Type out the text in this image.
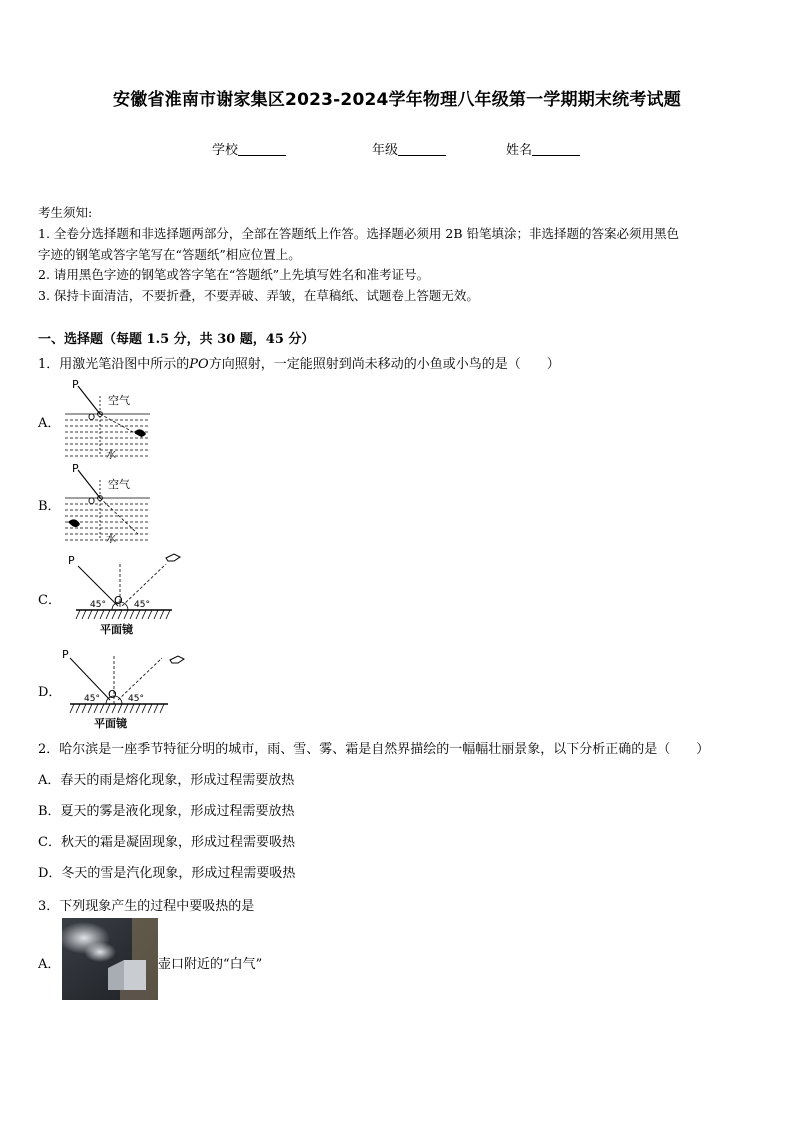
安徽省淮南市谢家集区2023-2024学年物理八年级第一学期期末统考试题
学校	年级	姓名
考生须知:
1. 全卷分选择题和非选择题两部分，全部在答题纸上作答。选择题必须用 2B 铅笔填涂；非选择题的答案必须用黑色
字迹的钢笔或答字笔写在“答题纸”相应位置上。
2. 请用黑色字迹的钢笔或答字笔在“答题纸”上先填写姓名和准考证号。
3. 保持卡面清洁，不要折叠，不要弄破、弄皱，在草稿纸、试题卷上答题无效。
一、选择题（每题 1.5 分，共 30 题，45 分）
1．用激光笔沿图中所示的PO方向照射，一定能照射到尚未移动的小鱼或小鸟的是（　　）
A．
P
O
空气
水
B．
P
O
空气
水
C．
P
O
45°	45°
平面镜
D．
P
O
45°	45°
平面镜
2．哈尔滨是一座季节特征分明的城市，雨、雪、雾、霜是自然界描绘的一幅幅壮丽景象，以下分析正确的是（　　）
A．春天的雨是熔化现象，形成过程需要放热
B．夏天的雾是液化现象，形成过程需要放热
C．秋天的霜是凝固现象，形成过程需要吸热
D．冬天的雪是汽化现象，形成过程需要吸热
3．下列现象产生的过程中要吸热的是
A．	壶口附近的“白气”
